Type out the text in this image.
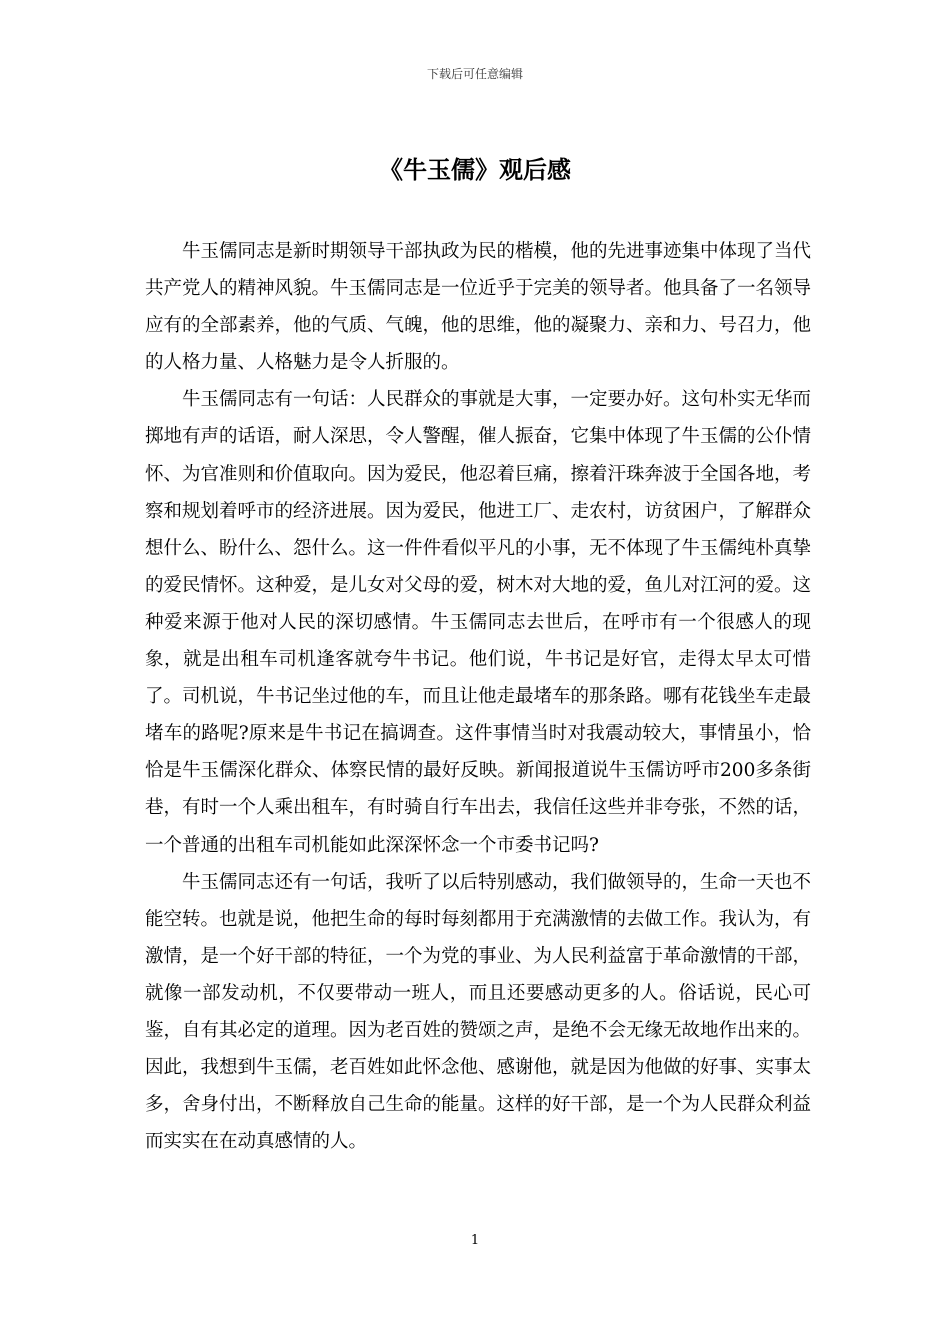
下载后可任意编辑
《牛玉儒》观后感

牛玉儒同志是新时期领导干部执政为民的楷模，他的先进事迹集中体现了当代共产党人的精神风貌。牛玉儒同志是一位近乎于完美的领导者。他具备了一名领导应有的全部素养，他的气质、气魄，他的思维，他的凝聚力、亲和力、号召力，他的人格力量、人格魅力是令人折服的。

牛玉儒同志有一句话：人民群众的事就是大事，一定要办好。这句朴实无华而掷地有声的话语，耐人深思，令人警醒，催人振奋，它集中体现了牛玉儒的公仆情怀、为官准则和价值取向。因为爱民，他忍着巨痛，擦着汗珠奔波于全国各地，考察和规划着呼市的经济进展。因为爱民，他进工厂、走农村，访贫困户，了解群众想什么、盼什么、怨什么。这一件件看似平凡的小事，无不体现了牛玉儒纯朴真挚的爱民情怀。这种爱，是儿女对父母的爱，树木对大地的爱，鱼儿对江河的爱。这种爱来源于他对人民的深切感情。牛玉儒同志去世后，在呼市有一个很感人的现象，就是出租车司机逢客就夸牛书记。他们说，牛书记是好官，走得太早太可惜了。司机说，牛书记坐过他的车，而且让他走最堵车的那条路。哪有花钱坐车走最堵车的路呢?原来是牛书记在搞调查。这件事情当时对我震动较大，事情虽小，恰恰是牛玉儒深化群众、体察民情的最好反映。新闻报道说牛玉儒访呼市200多条街巷，有时一个人乘出租车，有时骑自行车出去，我信任这些并非夸张，不然的话，一个普通的出租车司机能如此深深怀念一个市委书记吗?

牛玉儒同志还有一句话，我听了以后特别感动，我们做领导的，生命一天也不能空转。也就是说，他把生命的每时每刻都用于充满激情的去做工作。我认为，有激情，是一个好干部的特征，一个为党的事业、为人民利益富于革命激情的干部，就像一部发动机，不仅要带动一班人，而且还要感动更多的人。俗话说，民心可鉴，自有其必定的道理。因为老百姓的赞颂之声，是绝不会无缘无故地作出来的。因此，我想到牛玉儒，老百姓如此怀念他、感谢他，就是因为他做的好事、实事太多，舍身付出，不断释放自己生命的能量。这样的好干部，是一个为人民群众利益而实实在在动真感情的人。

1
